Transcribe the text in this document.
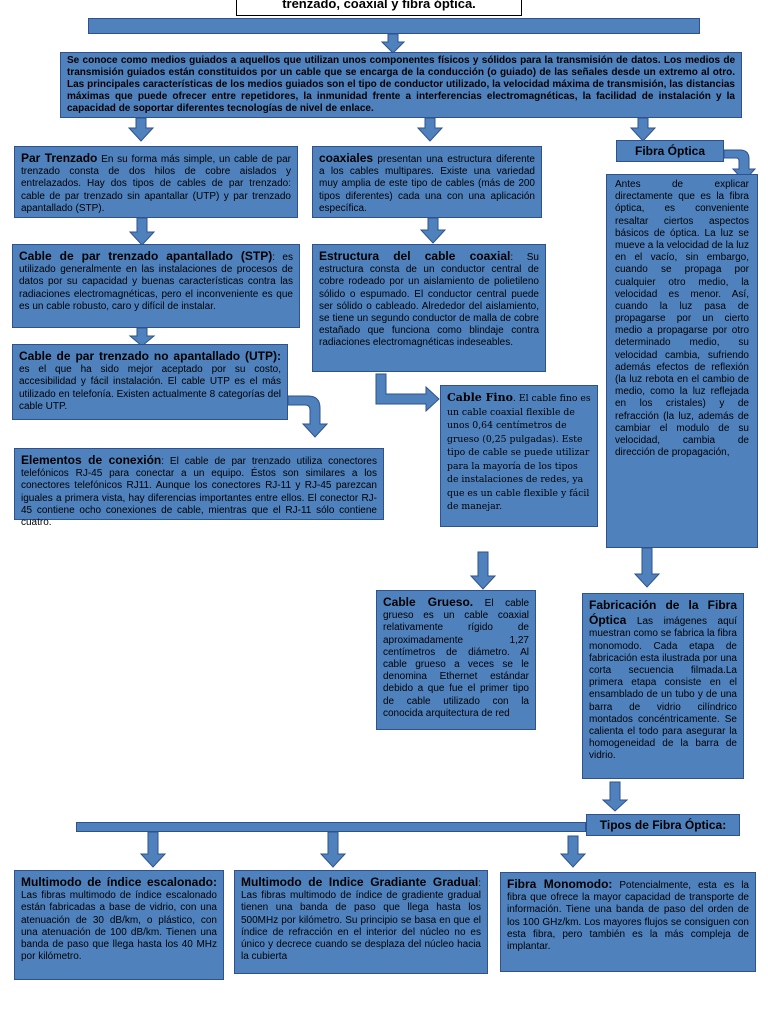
trenzado, coaxial y fibra óptica.
Se conoce como medios guiados a aquellos que utilizan unos componentes físicos y sólidos para la transmisión de datos. Los medios de transmisión guiados están constituidos por un cable que se encarga de la conducción (o guiado) de las señales desde un extremo al otro. Las principales características de los medios guiados son el tipo de conductor utilizado, la velocidad máxima de transmisión, las distancias máximas que puede ofrecer entre repetidores, la inmunidad frente a interferencias electromagnéticas, la facilidad de instalación y la capacidad de soportar diferentes tecnologías de nivel de enlace.
Par Trenzado En su forma más simple, un cable de par trenzado consta de dos hilos de cobre aislados y entrelazados. Hay dos tipos de cables de par trenzado: cable de par trenzado sin apantallar (UTP) y par trenzado apantallado (STP).
Cable de par trenzado apantallado (STP): es utilizado generalmente en las instalaciones de procesos de datos por su capacidad y buenas características contra las radiaciones electromagnéticas, pero el inconveniente es que es un cable robusto, caro y difícil de instalar.
Cable de par trenzado no apantallado (UTP): es el que ha sido mejor aceptado por su costo, accesibilidad y fácil instalación. El cable UTP es el más utilizado en telefonía. Existen actualmente 8 categorías del cable UTP.
Elementos de conexión: El cable de par trenzado utiliza conectores telefónicos RJ-45 para conectar a un equipo. Éstos son similares a los conectores telefónicos RJ11. Aunque los conectores RJ-11 y RJ-45 parezcan iguales a primera vista, hay diferencias importantes entre ellos. El conector RJ-45 contiene ocho conexiones de cable, mientras que el RJ-11 sólo contiene cuatro.
coaxiales presentan una estructura diferente a los cables multipares. Existe una variedad muy amplia de este tipo de cables (más de 200 tipos diferentes) cada una con una aplicación específica.
Estructura del cable coaxial: Su estructura consta de un conductor central de cobre rodeado por un aislamiento de polietileno sólido o espumado. El conductor central puede ser sólido o cableado. Alrededor del aislamiento, se tiene un segundo conductor de malla de cobre estañado que funciona como blindaje contra radiaciones electromagnéticas indeseables.
Cable Fino. El cable fino es un cable coaxial flexible de unos 0,64 centímetros de grueso (0,25 pulgadas). Este tipo de cable se puede utilizar para la mayoría de los tipos de instalaciones de redes, ya que es un cable flexible y fácil de manejar.
Cable Grueso. El cable grueso es un cable coaxial relativamente rígido de aproximadamente 1,27 centímetros de diámetro. Al cable grueso a veces se le denomina Ethernet estándar debido a que fue el primer tipo de cable utilizado con la conocida arquitectura de red
Fibra Óptica
Antes de explicar directamente que es la fibra óptica, es conveniente resaltar ciertos aspectos básicos de óptica. La luz se mueve a la velocidad de la luz en el vacío, sin embargo, cuando se propaga por cualquier otro medio, la velocidad es menor. Así, cuando la luz pasa de propagarse por un cierto medio a propagarse por otro determinado medio, su velocidad cambia, sufriendo además efectos de reflexión (la luz rebota en el cambio de medio, como la luz reflejada en los cristales) y de refracción (la luz, además de cambiar el modulo de su velocidad, cambia de dirección de propagación,
Fabricación de la Fibra Óptica Las imágenes aquí muestran como se fabrica la fibra monomodo. Cada etapa de fabricación esta ilustrada por una corta secuencia filmada.La primera etapa consiste en el ensamblado de un tubo y de una barra de vidrio cilíndrico montados concéntricamente. Se calienta el todo para asegurar la homogeneidad de la barra de vidrio.
Tipos de Fibra Óptica:
Multimodo de índice escalonado: Las fibras multimodo de índice escalonado están fabricadas a base de vidrio, con una atenuación de 30 dB/km, o plástico, con una atenuación de 100 dB/km. Tienen una banda de paso que llega hasta los 40 MHz por kilómetro.
Multimodo de Indice Gradiante Gradual: Las fibras multimodo de índice de gradiente gradual tienen una banda de paso que llega hasta los 500MHz por kilómetro. Su principio se basa en que el índice de refracción en el interior del núcleo no es único y decrece cuando se desplaza del núcleo hacia la cubierta
Fibra Monomodo: Potencialmente, esta es la fibra que ofrece la mayor capacidad de transporte de información. Tiene una banda de paso del orden de los 100 GHz/km. Los mayores flujos se consiguen con esta fibra, pero también es la más compleja de implantar.
